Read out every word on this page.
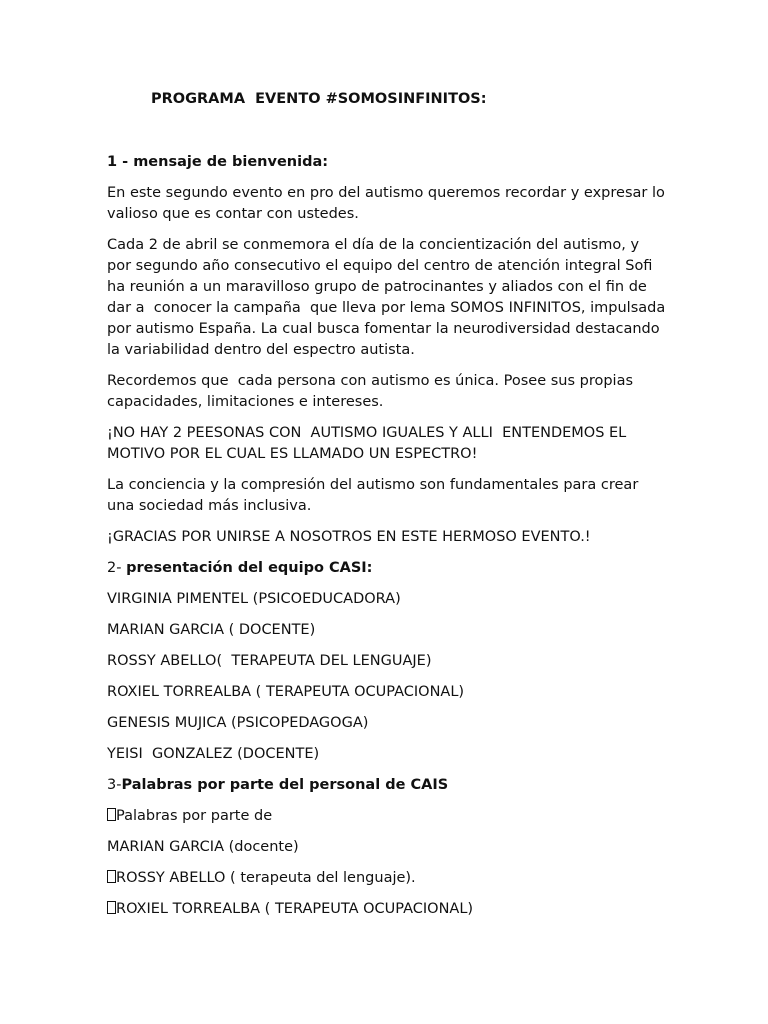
PROGRAMA  EVENTO #SOMOSINFINITOS:

1 - mensaje de bienvenida:

En este segundo evento en pro del autismo queremos recordar y expresar lo valioso que es contar con ustedes.

Cada 2 de abril se conmemora el día de la concientización del autismo, y por segundo año consecutivo el equipo del centro de atención integral Sofi ha reunión a un maravilloso grupo de patrocinantes y aliados con el fin de  dar a  conocer la campaña  que lleva por lema SOMOS INFINITOS, impulsada por autismo España. La cual busca fomentar la neurodiversidad destacando la variabilidad dentro del espectro autista.

Recordemos que  cada persona con autismo es única. Posee sus propias capacidades, limitaciones e intereses.

¡NO HAY 2 PEESONAS CON  AUTISMO IGUALES Y ALLI  ENTENDEMOS EL MOTIVO POR EL CUAL ES LLAMADO UN ESPECTRO!

La conciencia y la compresión del autismo son fundamentales para crear una sociedad más inclusiva.

¡GRACIAS POR UNIRSE A NOSOTROS EN ESTE HERMOSO EVENTO.!

2- presentación del equipo CASI:

VIRGINIA PIMENTEL (PSICOEDUCADORA)

MARIAN GARCIA ( DOCENTE)

ROSSY ABELLO(  TERAPEUTA DEL LENGUAJE)

ROXIEL TORREALBA ( TERAPEUTA OCUPACIONAL)

GENESIS MUJICA (PSICOPEDAGOGA)

YEISI  GONZALEZ (DOCENTE)

3-Palabras por parte del personal de CAIS

Palabras por parte de

MARIAN GARCIA (docente)

ROSSY ABELLO ( terapeuta del lenguaje).

ROXIEL TORREALBA ( TERAPEUTA OCUPACIONAL)
